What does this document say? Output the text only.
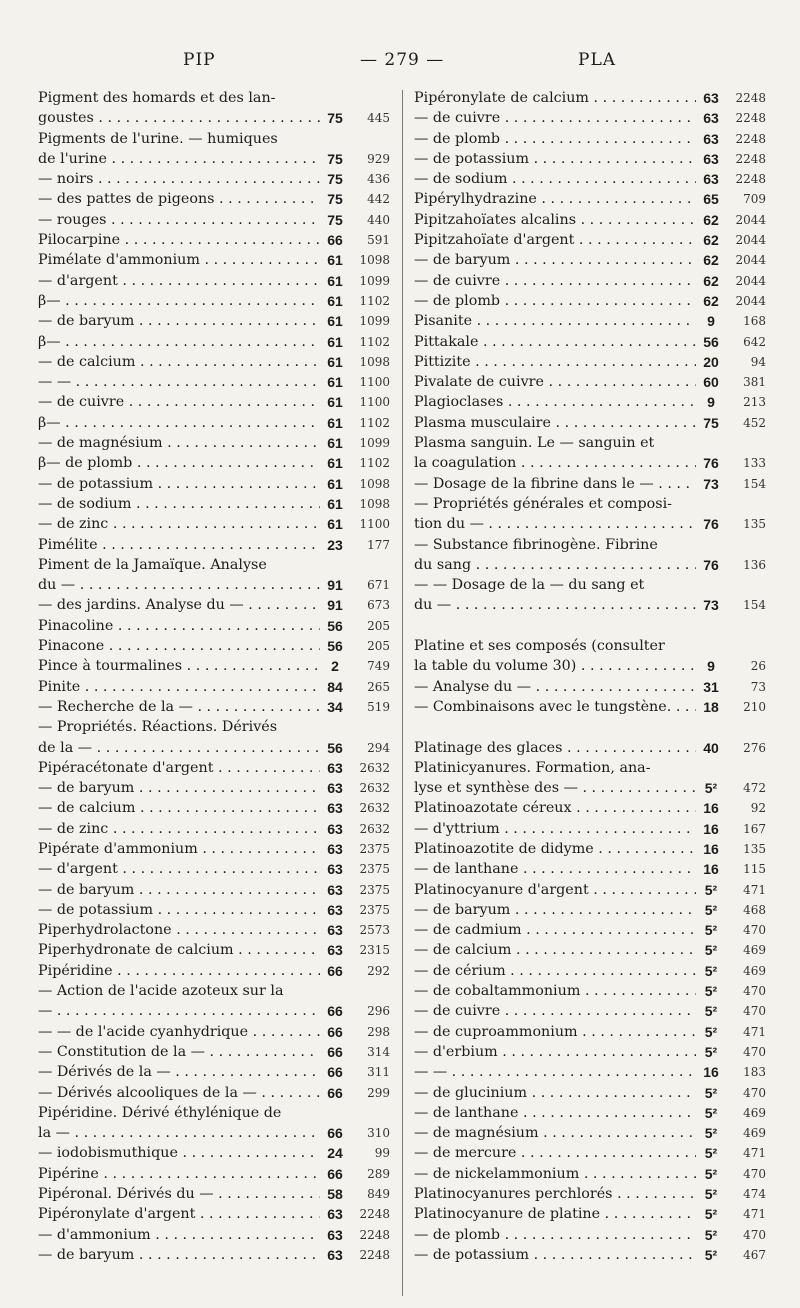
PIP	— 279 —	PLA
Pigment des homards et des lan-
goustes . . .	75	445
Pigments de l'urine. — humiques
de l'urine . . .	75	929
— noirs . . .	75	436
— des pattes de pigeons . . .	75	442
— rouges . . .	75	440
Pilocarpine . . .	66	591
Pimélate d'ammonium . . .	61	1098
— d'argent . . .	61	1099
β— . . .	61	1102
— de baryum . . .	61	1099
β— . . .	61	1102
— de calcium . . .	61	1098
— — . . .	61	1100
— de cuivre . . .	61	1100
β— . . .	61	1102
— de magnésium . . .	61	1099
β— de plomb . . .	61	1102
— de potassium . . .	61	1098
— de sodium . . .	61	1098
— de zinc . . .	61	1100
Pimélite . . .	23	177
Piment de la Jamaïque. Analyse
du — . . .	91	671
— des jardins. Analyse du — . . .	91	673
Pinacoline . . .	56	205
Pinacone . . .	56	205
Pince à tourmalines . . .	2	749
Pinite . . .	84	265
— Recherche de la — . . .	34	519
— Propriétés. Réactions. Dérivés
de la — . . .	56	294
Pipéracétonate d'argent . . .	63	2632
— de baryum . . .	63	2632
— de calcium . . .	63	2632
— de zinc . . .	63	2632
Pipérate d'ammonium . . .	63	2375
— d'argent . . .	63	2375
— de baryum . . .	63	2375
— de potassium . . .	63	2375
Piperhydrolactone . . .	63	2573
Piperhydronate de calcium . . .	63	2315
Pipéridine . . .	66	292
— Action de l'acide azoteux sur la
— . . .	66	296
— — de l'acide cyanhydrique . . .	66	298
— Constitution de la — . . .	66	314
— Dérivés de la — . . .	66	311
— Dérivés alcooliques de la — . . .	66	299
Pipéridine. Dérivé éthylénique de
la — . . .	66	310
— iodobismuthique . . .	24	99
Pipérine . . .	66	289
Pipéronal. Dérivés du — . . .	58	849
Pipéronylate d'argent . . .	63	2248
— d'ammonium . . .	63	2248
— de baryum . . .	63	2248
Pipéronylate de calcium . . .	63	2248
— de cuivre . . .	63	2248
— de plomb . . .	63	2248
— de potassium . . .	63	2248
— de sodium . . .	63	2248
Pipérylhydrazine . . .	65	709
Pipitzahoïates alcalins . . .	62	2044
Pipitzahoïate d'argent . . .	62	2044
— de baryum . . .	62	2044
— de cuivre . . .	62	2044
— de plomb . . .	62	2044
Pisanite . . .	9	168
Pittakale . . .	56	642
Pittizite . . .	20	94
Pivalate de cuivre . . .	60	381
Plagioclases . . .	9	213
Plasma musculaire . . .	75	452
Plasma sanguin. Le — sanguin et
la coagulation . . .	76	133
— Dosage de la fibrine dans le — . . .	73	154
— Propriétés générales et composi-
tion du — . . .	76	135
— Substance fibrinogène. Fibrine
du sang . . .	76	136
— — Dosage de la — du sang et
du — . . .	73	154
Platine et ses composés (consulter
la table du volume 30) . . .	9	26
— Analyse du — . . .	31	73
— Combinaisons avec le tungstène. . . .	18	210
Platinage des glaces . . .	40	276
Platinicyanures. Formation, ana-
lyse et synthèse des — . . .	5²	472
Platinoazotate céreux . . .	16	92
— d'yttrium . . .	16	167
Platinoazotite de didyme . . .	16	135
— de lanthane . . .	16	115
Platinocyanure d'argent . . .	5²	471
— de baryum . . .	5²	468
— de cadmium . . .	5²	470
— de calcium . . .	5²	469
— de cérium . . .	5²	469
— de cobaltammonium . . .	5²	470
— de cuivre . . .	5²	470
— de cuproammonium . . .	5²	471
— d'erbium . . .	5²	470
— — . . .	16	183
— de glucinium . . .	5²	470
— de lanthane . . .	5²	469
— de magnésium . . .	5²	469
— de mercure . . .	5²	471
— de nickelammonium . . .	5²	470
Platinocyanures perchlorés . . .	5²	474
Platinocyanure de platine . . .	5²	471
— de plomb . . .	5²	470
— de potassium . . .	5²	467
